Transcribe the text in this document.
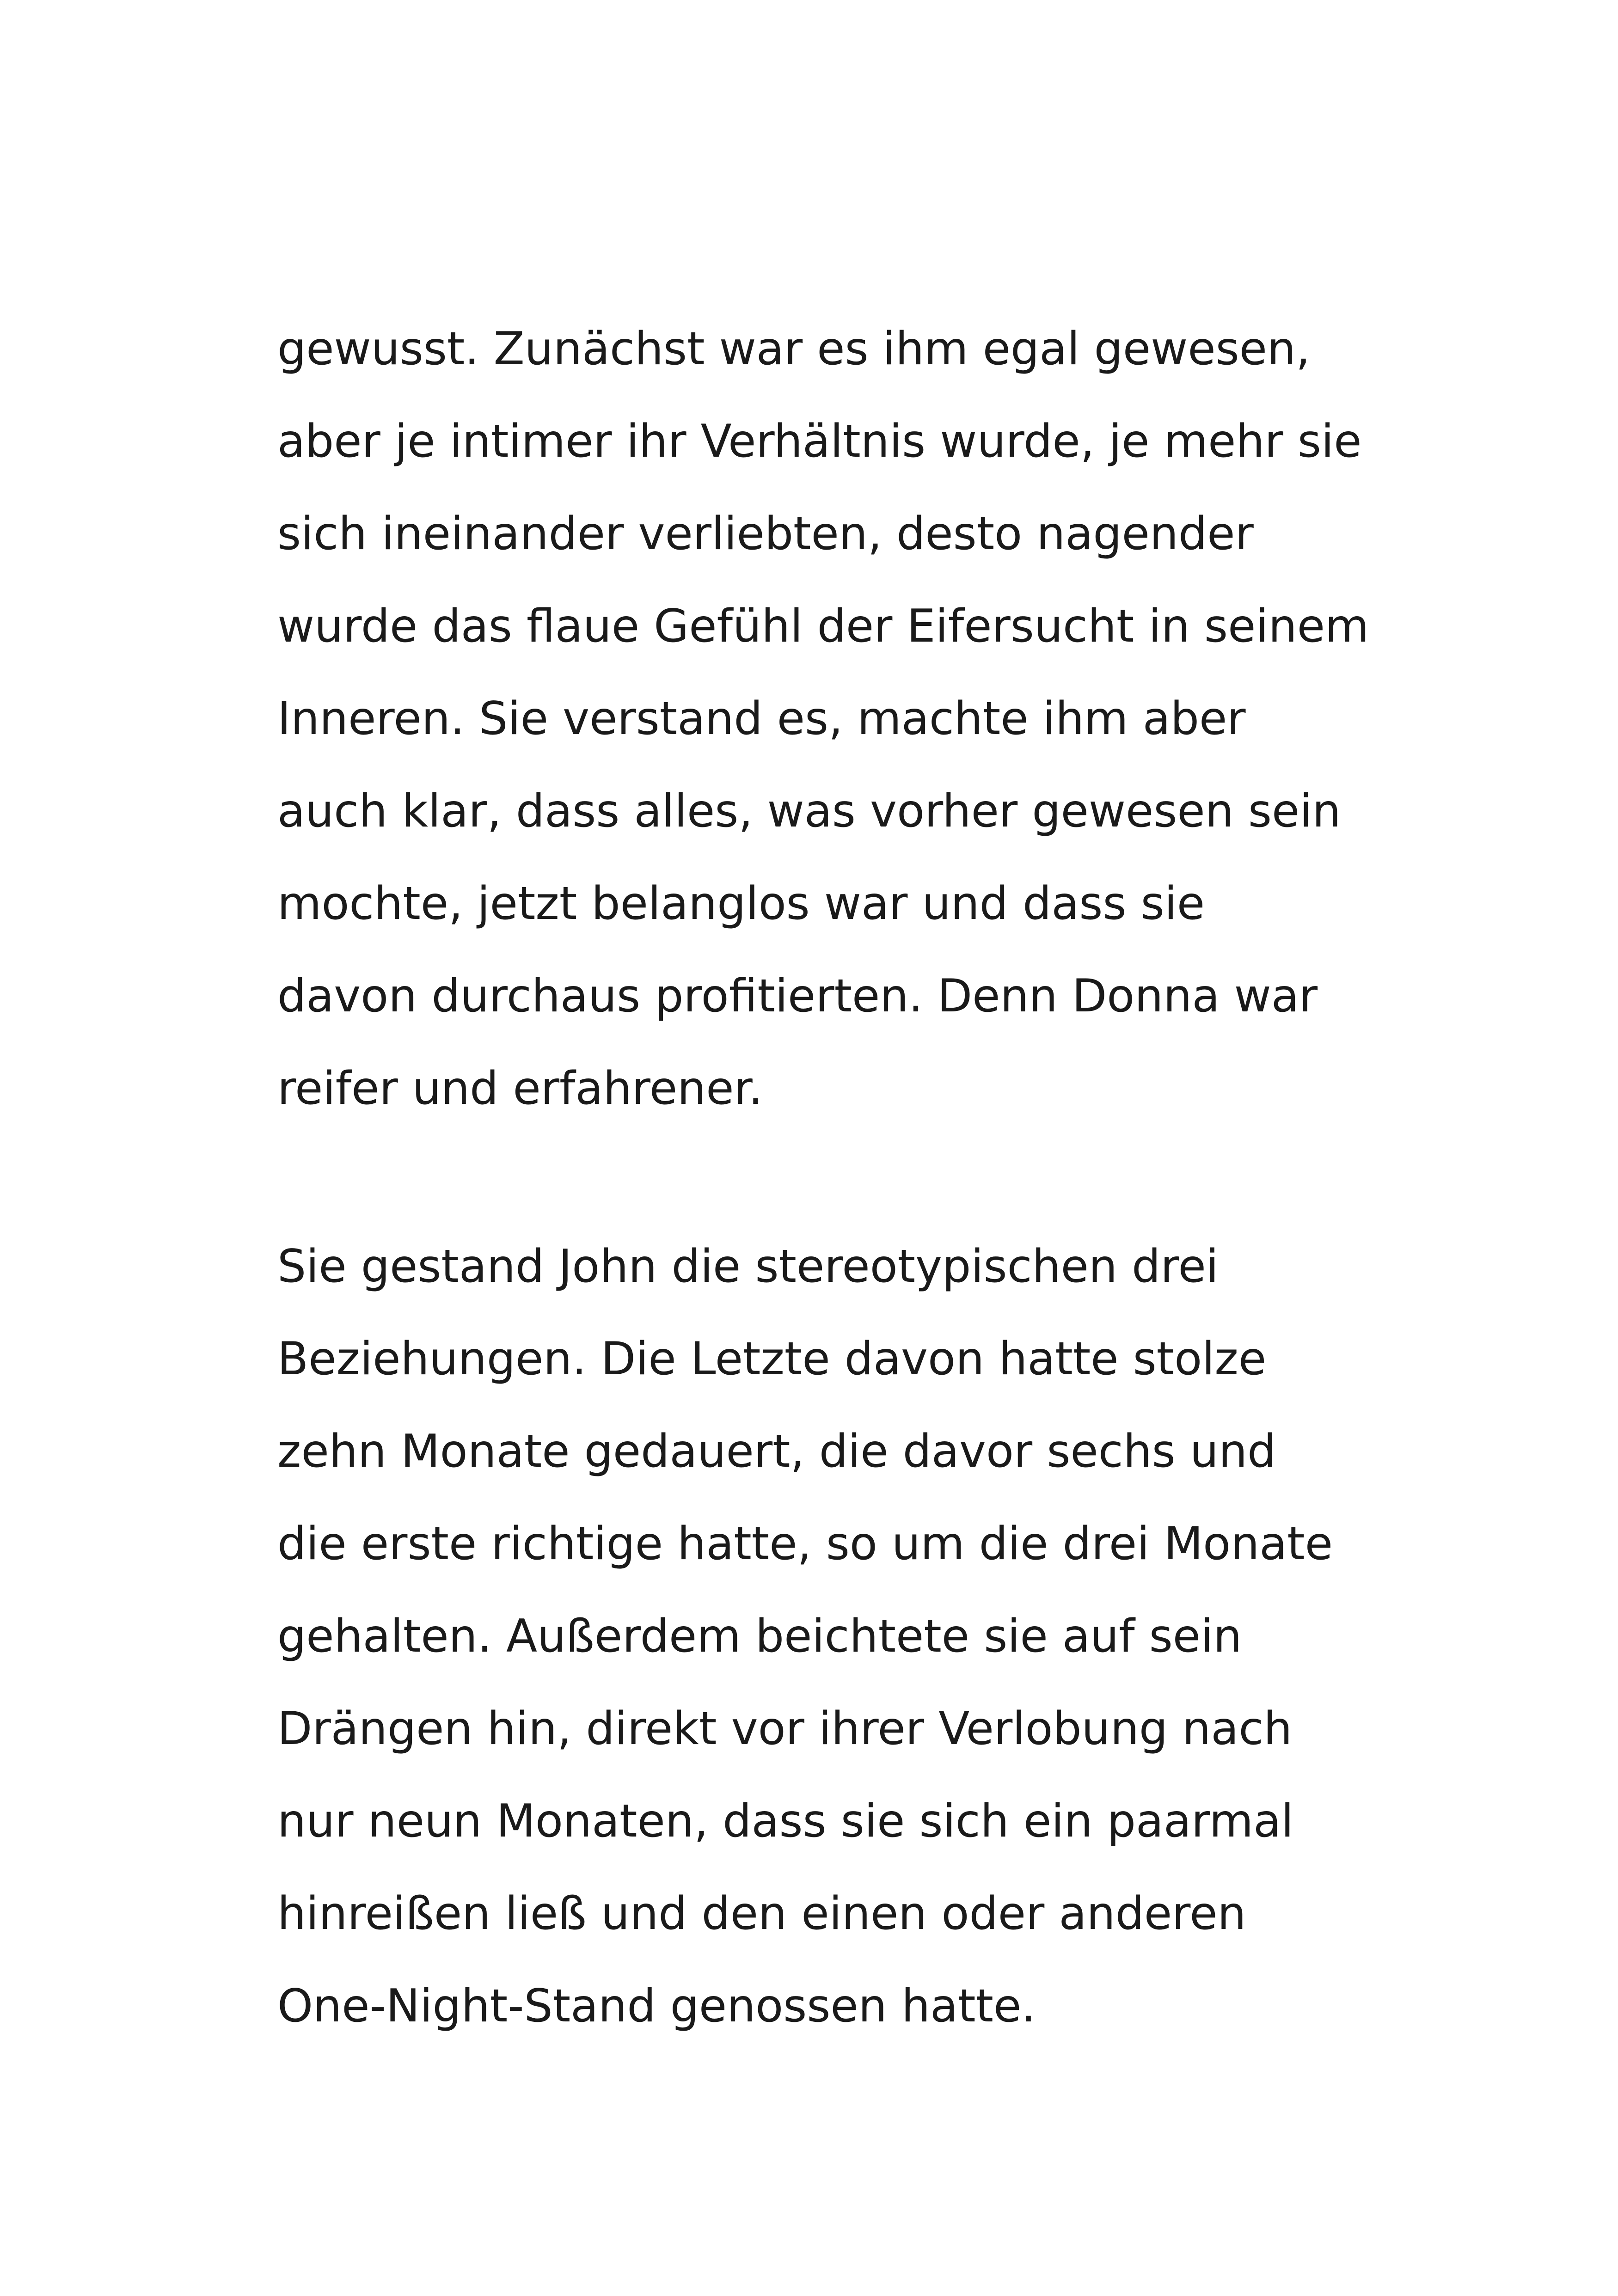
gewusst. Zunächst war es ihm egal gewesen,
aber je intimer ihr Verhältnis wurde, je mehr sie
sich ineinander verliebten, desto nagender
wurde das flaue Gefühl der Eifersucht in seinem
Inneren. Sie verstand es, machte ihm aber
auch klar, dass alles, was vorher gewesen sein
mochte, jetzt belanglos war und dass sie
davon durchaus profitierten. Denn Donna war
reifer und erfahrener.
Sie gestand John die stereotypischen drei
Beziehungen. Die Letzte davon hatte stolze
zehn Monate gedauert, die davor sechs und
die erste richtige hatte, so um die drei Monate
gehalten. Außerdem beichtete sie auf sein
Drängen hin, direkt vor ihrer Verlobung nach
nur neun Monaten, dass sie sich ein paarmal
hinreißen ließ und den einen oder anderen
One-Night-Stand genossen hatte.
